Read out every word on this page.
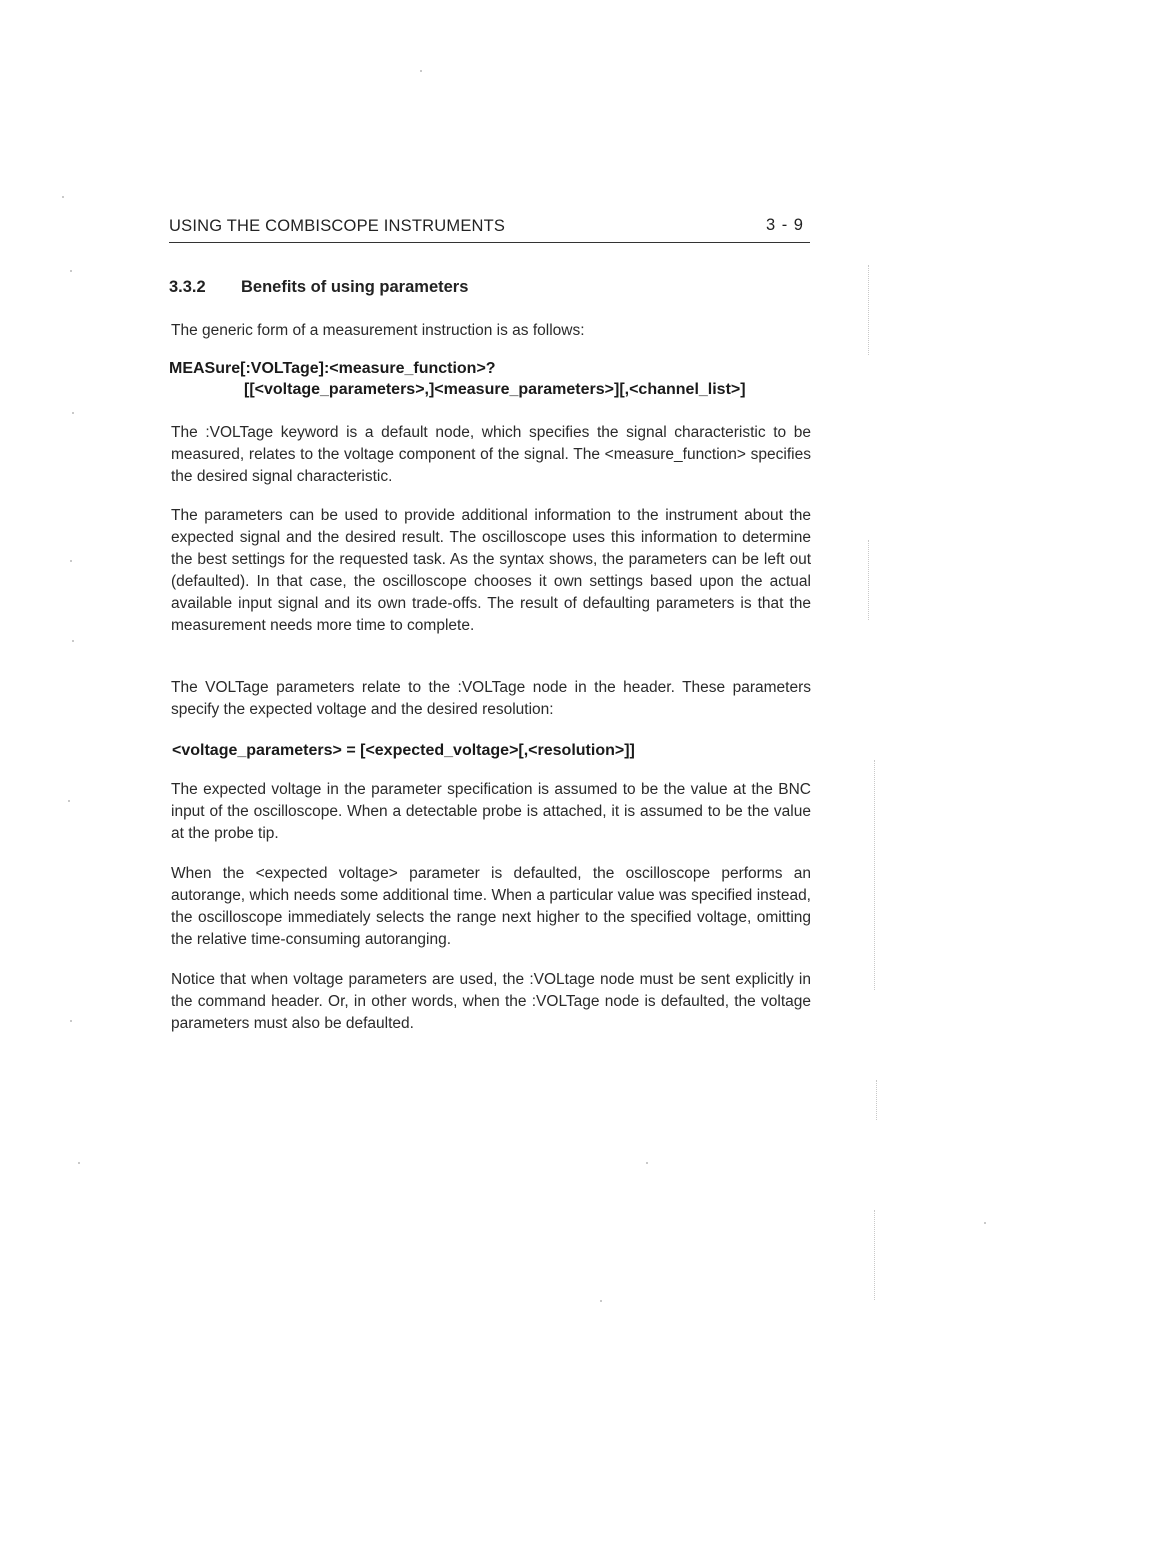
USING THE COMBISCOPE INSTRUMENTS	3 - 9
3.3.2 Benefits of using parameters

The generic form of a measurement instruction is as follows:

MEASure[:VOLTage]:<measure_function>?
[[<voltage_parameters>,]<measure_parameters>][,<channel_list>]

The :VOLTage keyword is a default node, which specifies the signal characteristic to be measured, relates to the voltage component of the signal. The <measure_function> specifies the desired signal characteristic.

The parameters can be used to provide additional information to the instrument about the expected signal and the desired result. The oscilloscope uses this information to determine the best settings for the requested task. As the syntax shows, the parameters can be left out (defaulted). In that case, the oscilloscope chooses it own settings based upon the actual available input signal and its own trade-offs. The result of defaulting parameters is that the measurement needs more time to complete.

The VOLTage parameters relate to the :VOLTage node in the header. These parameters specify the expected voltage and the desired resolution:

<voltage_parameters> = [<expected_voltage>[,<resolution>]]

The expected voltage in the parameter specification is assumed to be the value at the BNC input of the oscilloscope. When a detectable probe is attached, it is assumed to be the value at the probe tip.

When the <expected voltage> parameter is defaulted, the oscilloscope performs an autorange, which needs some additional time. When a particular value was specified instead, the oscilloscope immediately selects the range next higher to the specified voltage, omitting the relative time-consuming autoranging.

Notice that when voltage parameters are used, the :VOLtage node must be sent explicitly in the command header. Or, in other words, when the :VOLTage node is defaulted, the voltage parameters must also be defaulted.
